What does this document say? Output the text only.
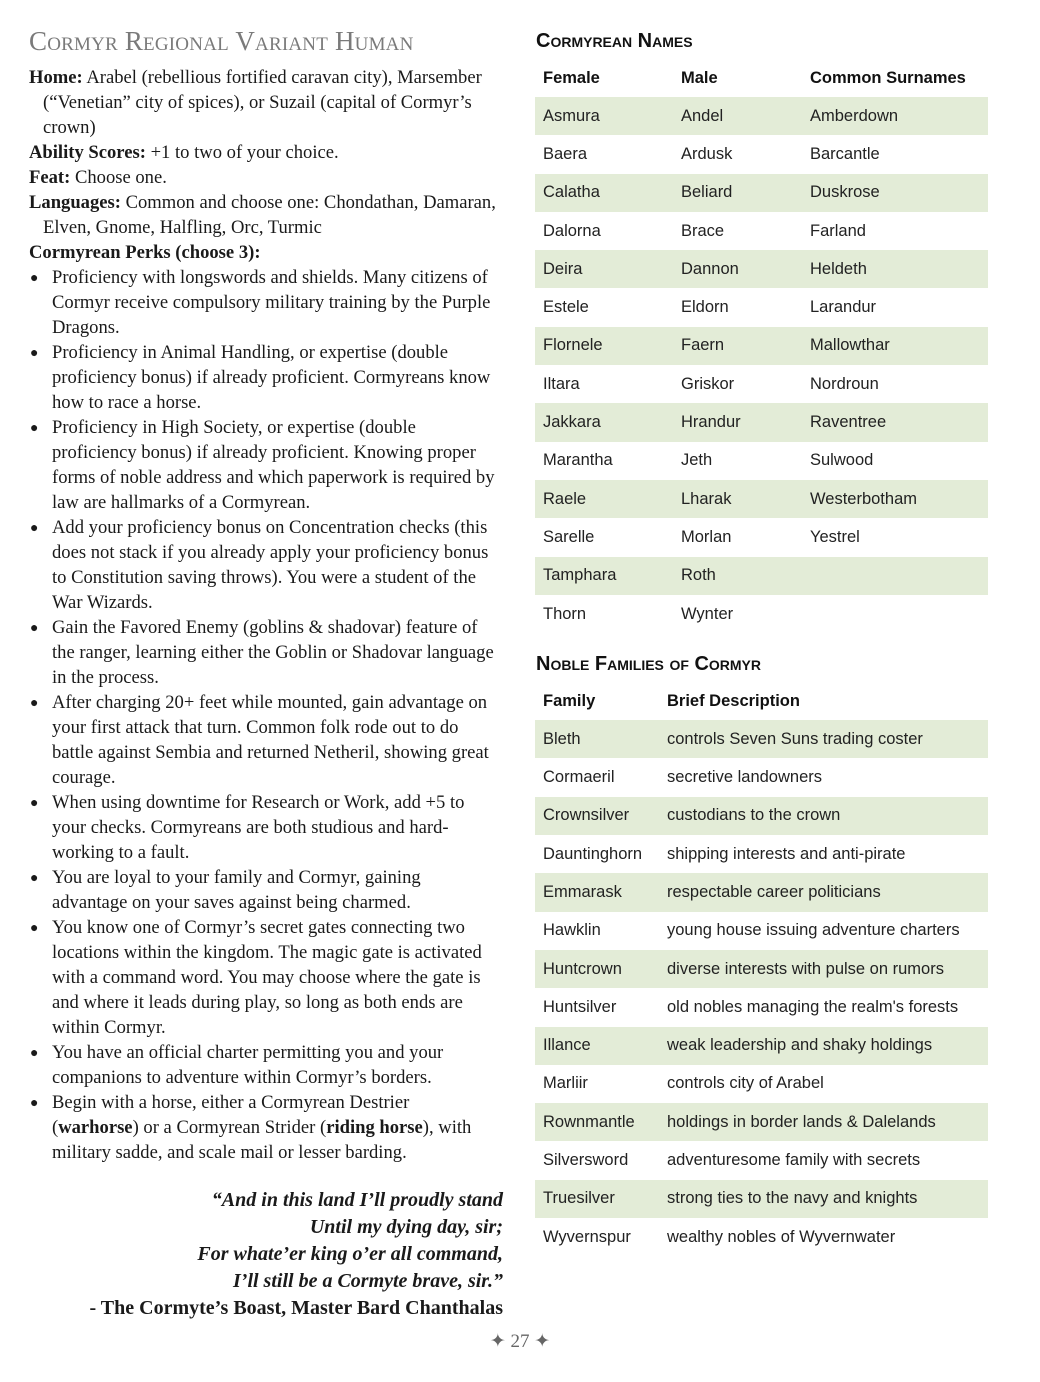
Cormyr Regional Variant Human
Home: Arabel (rebellious fortified caravan city), Marsember (“Venetian” city of spices), or Suzail (capital of Cormyr’s crown)
Ability Scores: +1 to two of your choice.
Feat: Choose one.
Languages: Common and choose one: Chondathan, Damaran, Elven, Gnome, Halfling, Orc, Turmic
Cormyrean Perks (choose 3):
● Proficiency with longswords and shields. Many citizens of Cormyr receive compulsory military training by the Purple Dragons.
● Proficiency in Animal Handling, or expertise (double proficiency bonus) if already proficient. Cormyreans know how to race a horse.
● Proficiency in High Society, or expertise (double proficiency bonus) if already proficient. Knowing proper forms of noble address and which paperwork is required by law are hallmarks of a Cormyrean.
● Add your proficiency bonus on Concentration checks (this does not stack if you already apply your proficiency bonus to Constitution saving throws). You were a student of the War Wizards.
● Gain the Favored Enemy (goblins & shadovar) feature of the ranger, learning either the Goblin or Shadovar language in the process.
● After charging 20+ feet while mounted, gain advantage on your first attack that turn. Common folk rode out to do battle against Sembia and returned Netheril, showing great courage.
● When using downtime for Research or Work, add +5 to your checks. Cormyreans are both studious and hard-working to a fault.
● You are loyal to your family and Cormyr, gaining advantage on your saves against being charmed.
● You know one of Cormyr’s secret gates connecting two locations within the kingdom. The magic gate is activated with a command word. You may choose where the gate is and where it leads during play, so long as both ends are within Cormyr.
● You have an official charter permitting you and your companions to adventure within Cormyr’s borders.
● Begin with a horse, either a Cormyrean Destrier (warhorse) or a Cormyrean Strider (riding horse), with military sadde, and scale mail or lesser barding.
“And in this land I’ll proudly stand
Until my dying day, sir;
For whate’er king o’er all command,
I’ll still be a Cormyte brave, sir.”
- The Cormyte’s Boast, Master Bard Chanthalas
Cormyrean Names
Female	Male	Common Surnames
Asmura	Andel	Amberdown
Baera	Ardusk	Barcantle
Calatha	Beliard	Duskrose
Dalorna	Brace	Farland
Deira	Dannon	Heldeth
Estele	Eldorn	Larandur
Flornele	Faern	Mallowthar
Iltara	Griskor	Nordroun
Jakkara	Hrandur	Raventree
Marantha	Jeth	Sulwood
Raele	Lharak	Westerbotham
Sarelle	Morlan	Yestrel
Tamphara	Roth	
Thorn	Wynter	
Noble Families of Cormyr
Family	Brief Description
Bleth	controls Seven Suns trading coster
Cormaeril	secretive landowners
Crownsilver	custodians to the crown
Dauntinghorn	shipping interests and anti-pirate
Emmarask	respectable career politicians
Hawklin	young house issuing adventure charters
Huntcrown	diverse interests with pulse on rumors
Huntsilver	old nobles managing the realm's forests
Illance	weak leadership and shaky holdings
Marliir	controls city of Arabel
Rownmantle	holdings in border lands & Dalelands
Silversword	adventuresome family with secrets
Truesilver	strong ties to the navy and knights
Wyvernspur	wealthy nobles of Wyvernwater
✦ 27 ✦
